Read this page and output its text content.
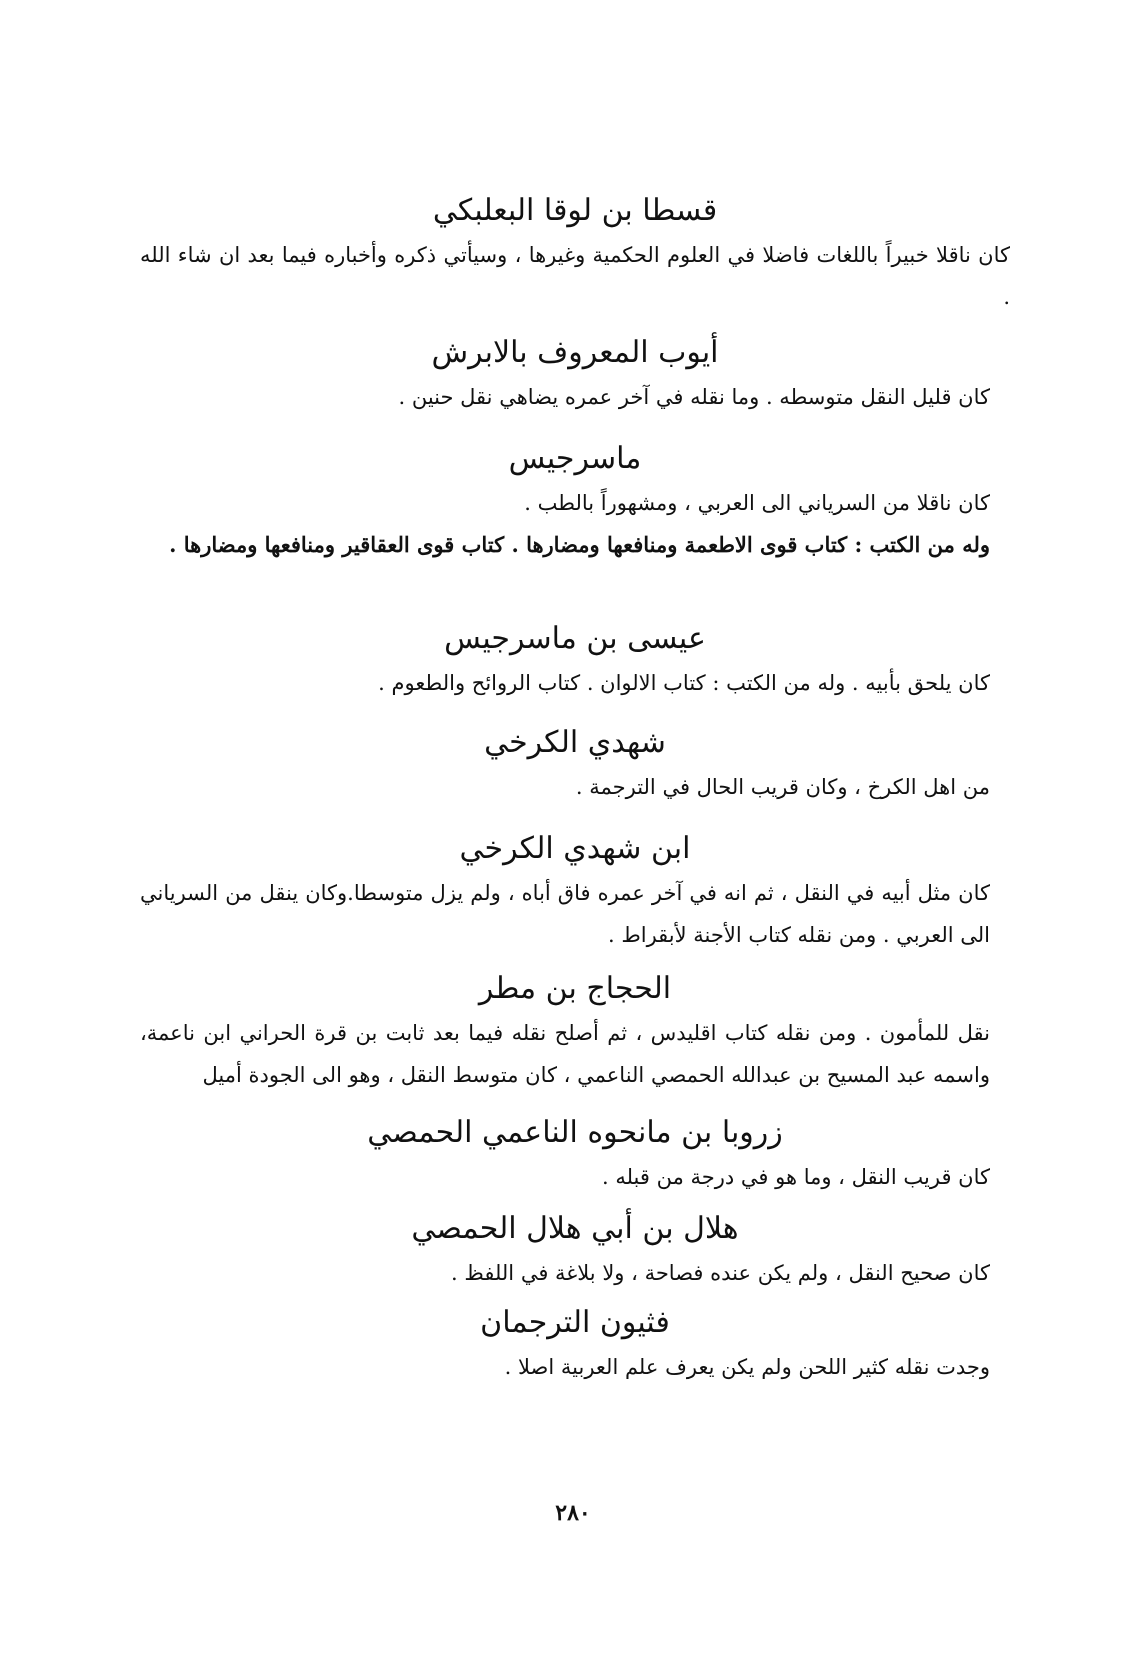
قسطا بن لوقا البعلبكي
كان ناقلا خبيراً باللغات فاضلا في العلوم الحكمية وغيرها ، وسيأتي ذكره وأخباره فيما بعد ان شاء الله .
أيوب المعروف بالابرش
كان قليل النقل متوسطه . وما نقله في آخر عمره يضاهي نقل حنين .
ماسرجيس
كان ناقلا من السرياني الى العربي ، ومشهوراً بالطب .
وله من الكتب : كتاب قوى الاطعمة ومنافعها ومضارها . كتاب قوى العقاقير ومنافعها ومضارها .
عيسى بن ماسرجيس
كان يلحق بأبيه . وله من الكتب : كتاب الالوان . كتاب الروائح والطعوم .
شهدي الكرخي
من اهل الكرخ ، وكان قريب الحال في الترجمة .
ابن شهدي الكرخي
كان مثل أبيه في النقل ، ثم انه في آخر عمره فاق أباه ، ولم يزل متوسطا.وكان ينقل من السرياني الى العربي . ومن نقله كتاب الأجنة لأبقراط .
الحجاج بن مطر
نقل للمأمون . ومن نقله كتاب اقليدس ، ثم أصلح نقله فيما بعد ثابت بن قرة الحراني ابن ناعمة، واسمه عبد المسيح بن عبدالله الحمصي الناعمي ، كان متوسط النقل ، وهو الى الجودة أميل
زروبا بن مانحوه الناعمي الحمصي
كان قريب النقل ، وما هو في درجة من قبله .
هلال بن أبي هلال الحمصي
كان صحيح النقل ، ولم يكن عنده فصاحة ، ولا بلاغة في اللفظ .
فثيون الترجمان
وجدت نقله كثير اللحن ولم يكن يعرف علم العربية اصلا .
٢٨٠
